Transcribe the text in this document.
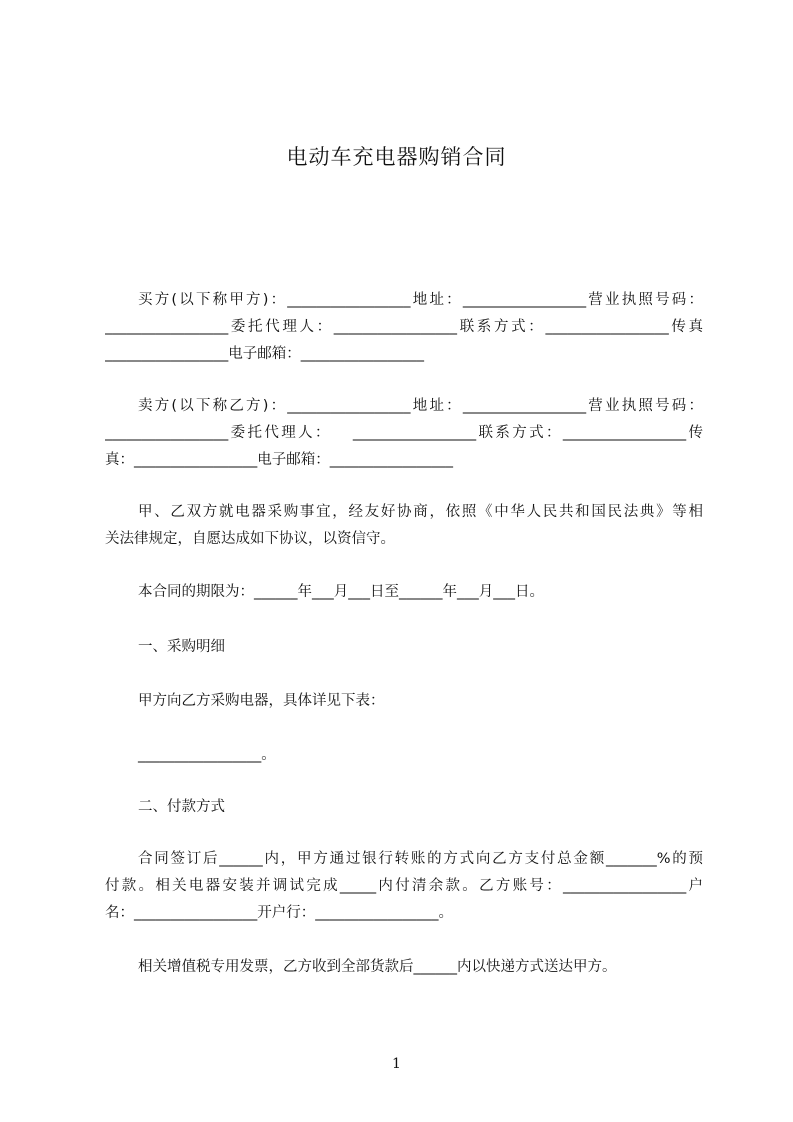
电动车充电器购销合同
买方(以下称甲方)：_________________地址：_________________营业执照号码：
_________________委托代理人：_________________联系方式：_________________传真
_________________电子邮箱：_________________
卖方(以下称乙方)：_________________地址：_________________营业执照号码：
_________________委托代理人：   _________________联系方式：_________________传
真：_________________电子邮箱：_________________
甲、乙双方就电器采购事宜，经友好协商，依照《中华人民共和国民法典》等相
关法律规定，自愿达成如下协议，以资信守。
本合同的期限为：______年___月___日至______年___月___日。
一、采购明细
甲方向乙方采购电器，具体详见下表：
_________________。
二、付款方式
合同签订后______内，甲方通过银行转账的方式向乙方支付总金额_______%的预
付款。相关电器安装并调试完成_____内付清余款。乙方账号：_________________户
名：_________________开户行：_________________。
相关增值税专用发票，乙方收到全部货款后______内以快递方式送达甲方。
1
